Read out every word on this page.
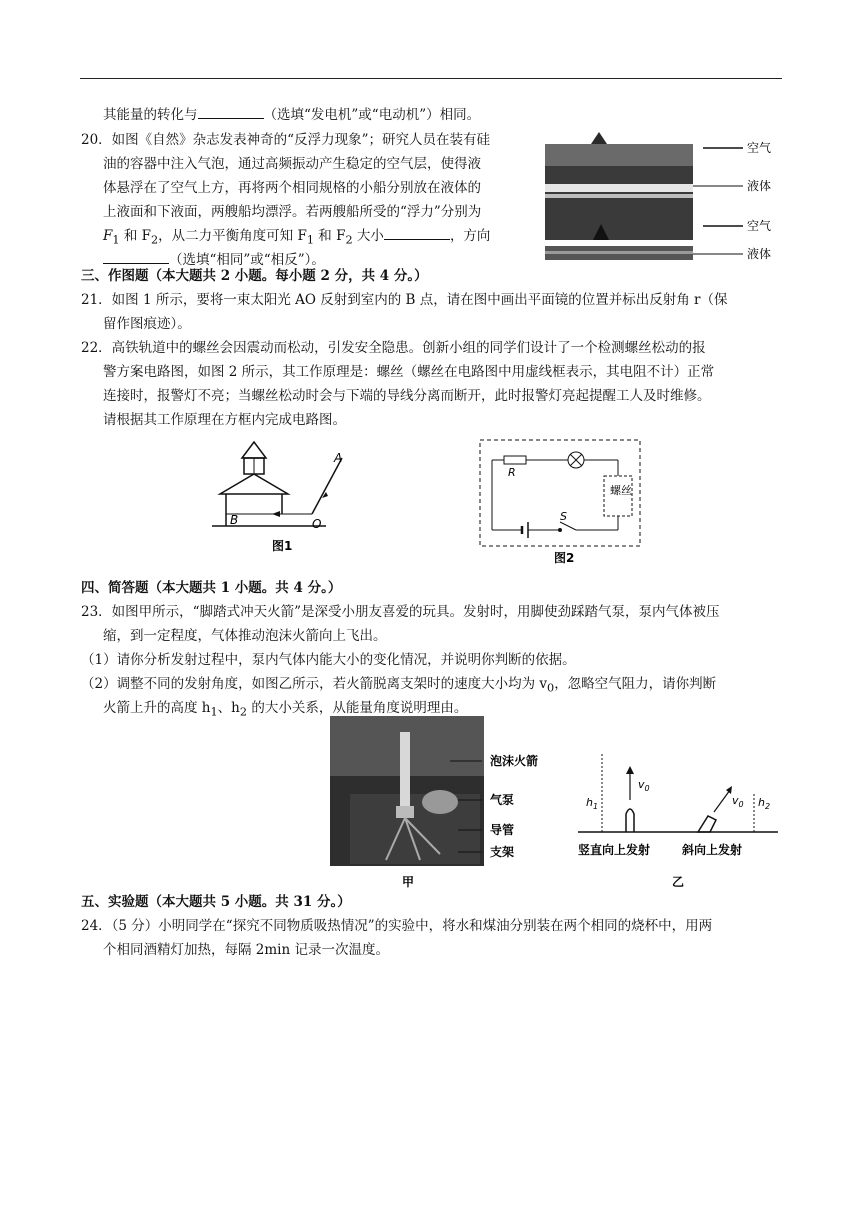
其能量的转化与	（选填“发电机”或“电动机”）相同。
20．如图《自然》杂志发表神奇的“反浮力现象”；研究人员在装有硅
油的容器中注入气泡，通过高频振动产生稳定的空气层，使得液
体悬浮在了空气上方，再将两个相同规格的小船分别放在液体的
上液面和下液面，两艘船均漂浮。若两艘船所受的“浮力”分别为
$F_1$ 和 $F_2$，从二力平衡角度可知 $F_1$ 和 $F_2$ 大小	，方向
（选填“相同”或“相反”）。
空气
液体
空气
液体
三、作图题（本大题共 2 小题。每小题 2 分，共 4 分。）
21．如图 1 所示，要将一束太阳光 AO 反射到室内的 B 点，请在图中画出平面镜的位置并标出反射角 r（保
留作图痕迹）。
22．高铁轨道中的螺丝会因震动而松动，引发安全隐患。创新小组的同学们设计了一个检测螺丝松动的报
警方案电路图，如图 2 所示，其工作原理是：螺丝（螺丝在电路图中用虚线框表示，其电阻不计）正常
连接时，报警灯不亮；当螺丝松动时会与下端的导线分离而断开，此时报警灯亮起提醒工人及时维修。
请根据其工作原理在方框内完成电路图。
A
B	O
图1
螺丝
R
S
图2
四、简答题（本大题共 1 小题。共 4 分。）
23．如图甲所示，“脚踏式冲天火箭”是深受小朋友喜爱的玩具。发射时，用脚使劲踩踏气泵，泵内气体被压
缩，到一定程度，气体推动泡沫火箭向上飞出。
（1）请你分析发射过程中，泵内气体内能大小的变化情况，并说明你判断的依据。
（2）调整不同的发射角度，如图乙所示，若火箭脱离支架时的速度大小均为 $v_0$，忽略空气阻力，请你判断
火箭上升的高度 $h_1$、$h_2$ 的大小关系，从能量角度说明理由。
泡沫火箭
气泵
导管
支架
甲
$h_1$
$v_0$
$v_0$ $h_2$
竖直向上发射	斜向上发射
乙
五、实验题（本大题共 5 小题。共 31 分。）
24．（5 分）小明同学在“探究不同物质吸热情况”的实验中，将水和煤油分别装在两个相同的烧杯中，用两
个相同酒精灯加热，每隔 2min 记录一次温度。
